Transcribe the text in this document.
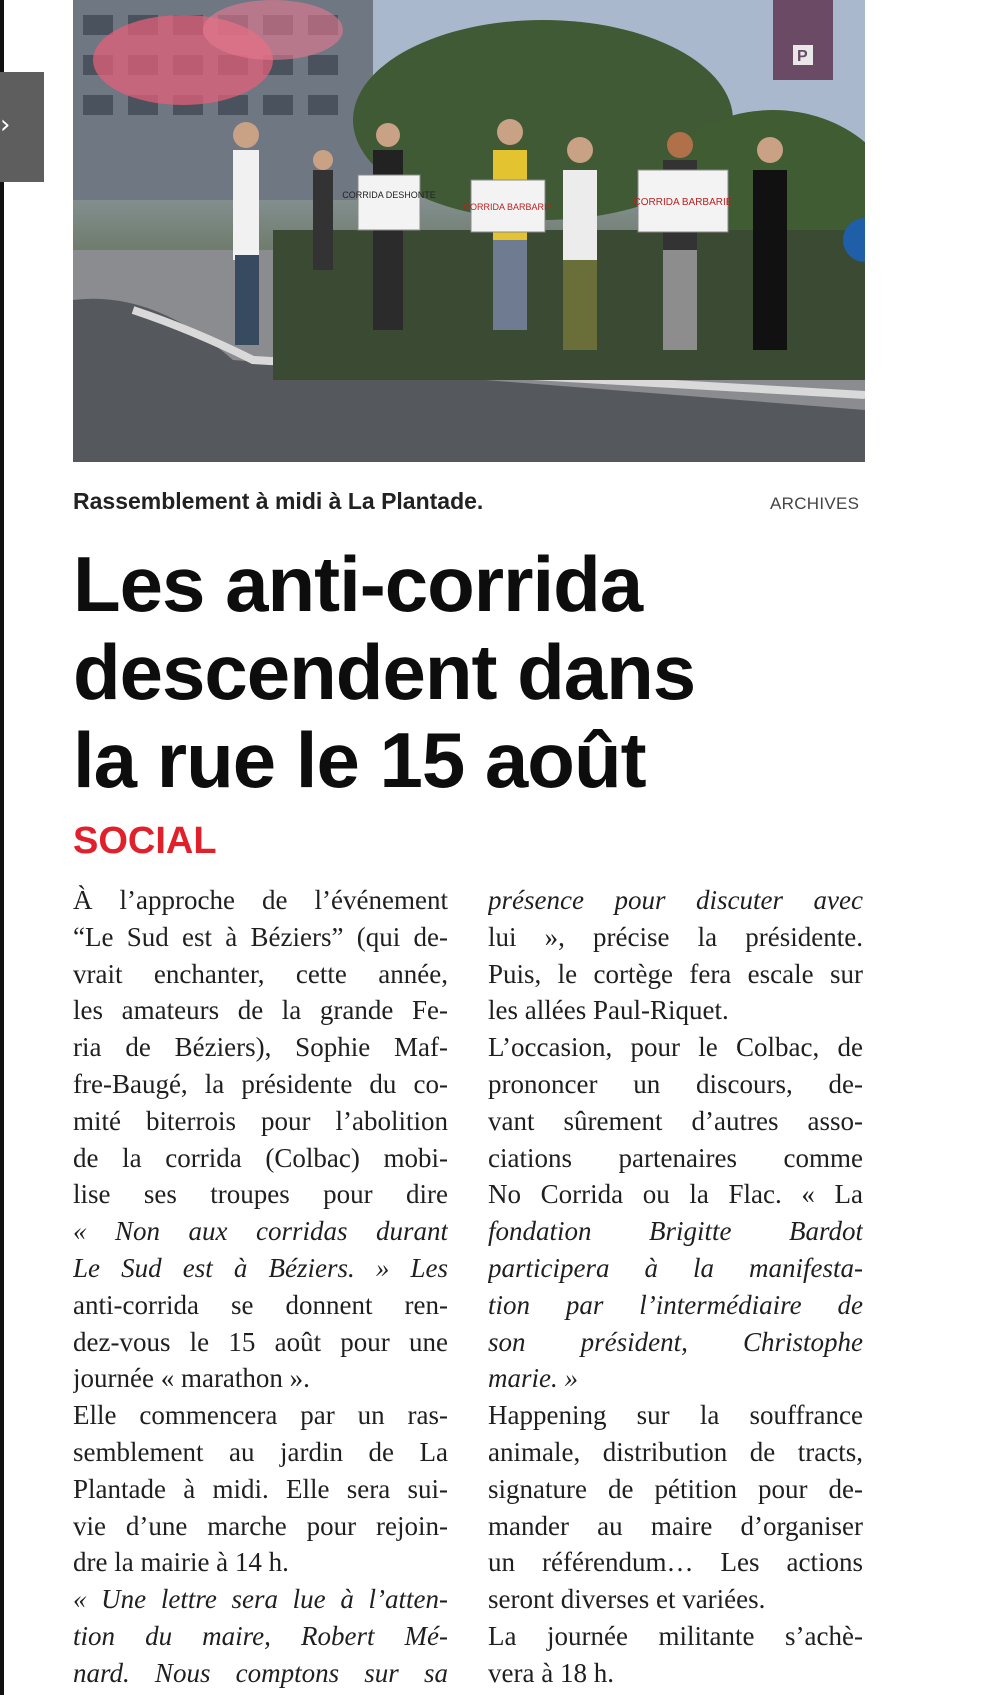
›
P
CORRIDA DESHONTE
CORRIDA BARBARIE	CORRIDA BARBARIE
Rassemblement à midi à La Plantade.	ARCHIVES
Les anti-corrida
descendent dans
la rue le 15 août
SOCIAL
À l’approche de l’événement
“Le Sud est à Béziers” (qui de-
vrait enchanter, cette année,
les amateurs de la grande Fe-
ria de Béziers), Sophie Maf-
fre-Baugé, la présidente du co-
mité biterrois pour l’abolition
de la corrida (Colbac) mobi-
lise ses troupes pour dire
« Non aux corridas durant
Le Sud est à Béziers. » Les
anti-corrida se donnent ren-
dez-vous le 15 août pour une
journée « marathon ».
Elle commencera par un ras-
semblement au jardin de La
Plantade à midi. Elle sera sui-
vie d’une marche pour rejoin-
dre la mairie à 14 h.
« Une lettre sera lue à l’atten-
tion du maire, Robert Mé-
nard. Nous comptons sur sa
présence pour discuter avec
lui », précise la présidente.
Puis, le cortège fera escale sur
les allées Paul-Riquet.
L’occasion, pour le Colbac, de
prononcer un discours, de-
vant sûrement d’autres asso-
ciations partenaires comme
No Corrida ou la Flac. « La
fondation Brigitte Bardot
participera à la manifesta-
tion par l’intermédiaire de
son président, Christophe
marie. »
Happening sur la souffrance
animale, distribution de tracts,
signature de pétition pour de-
mander au maire d’organiser
un référendum… Les actions
seront diverses et variées.
La journée militante s’achè-
vera à 18 h.
